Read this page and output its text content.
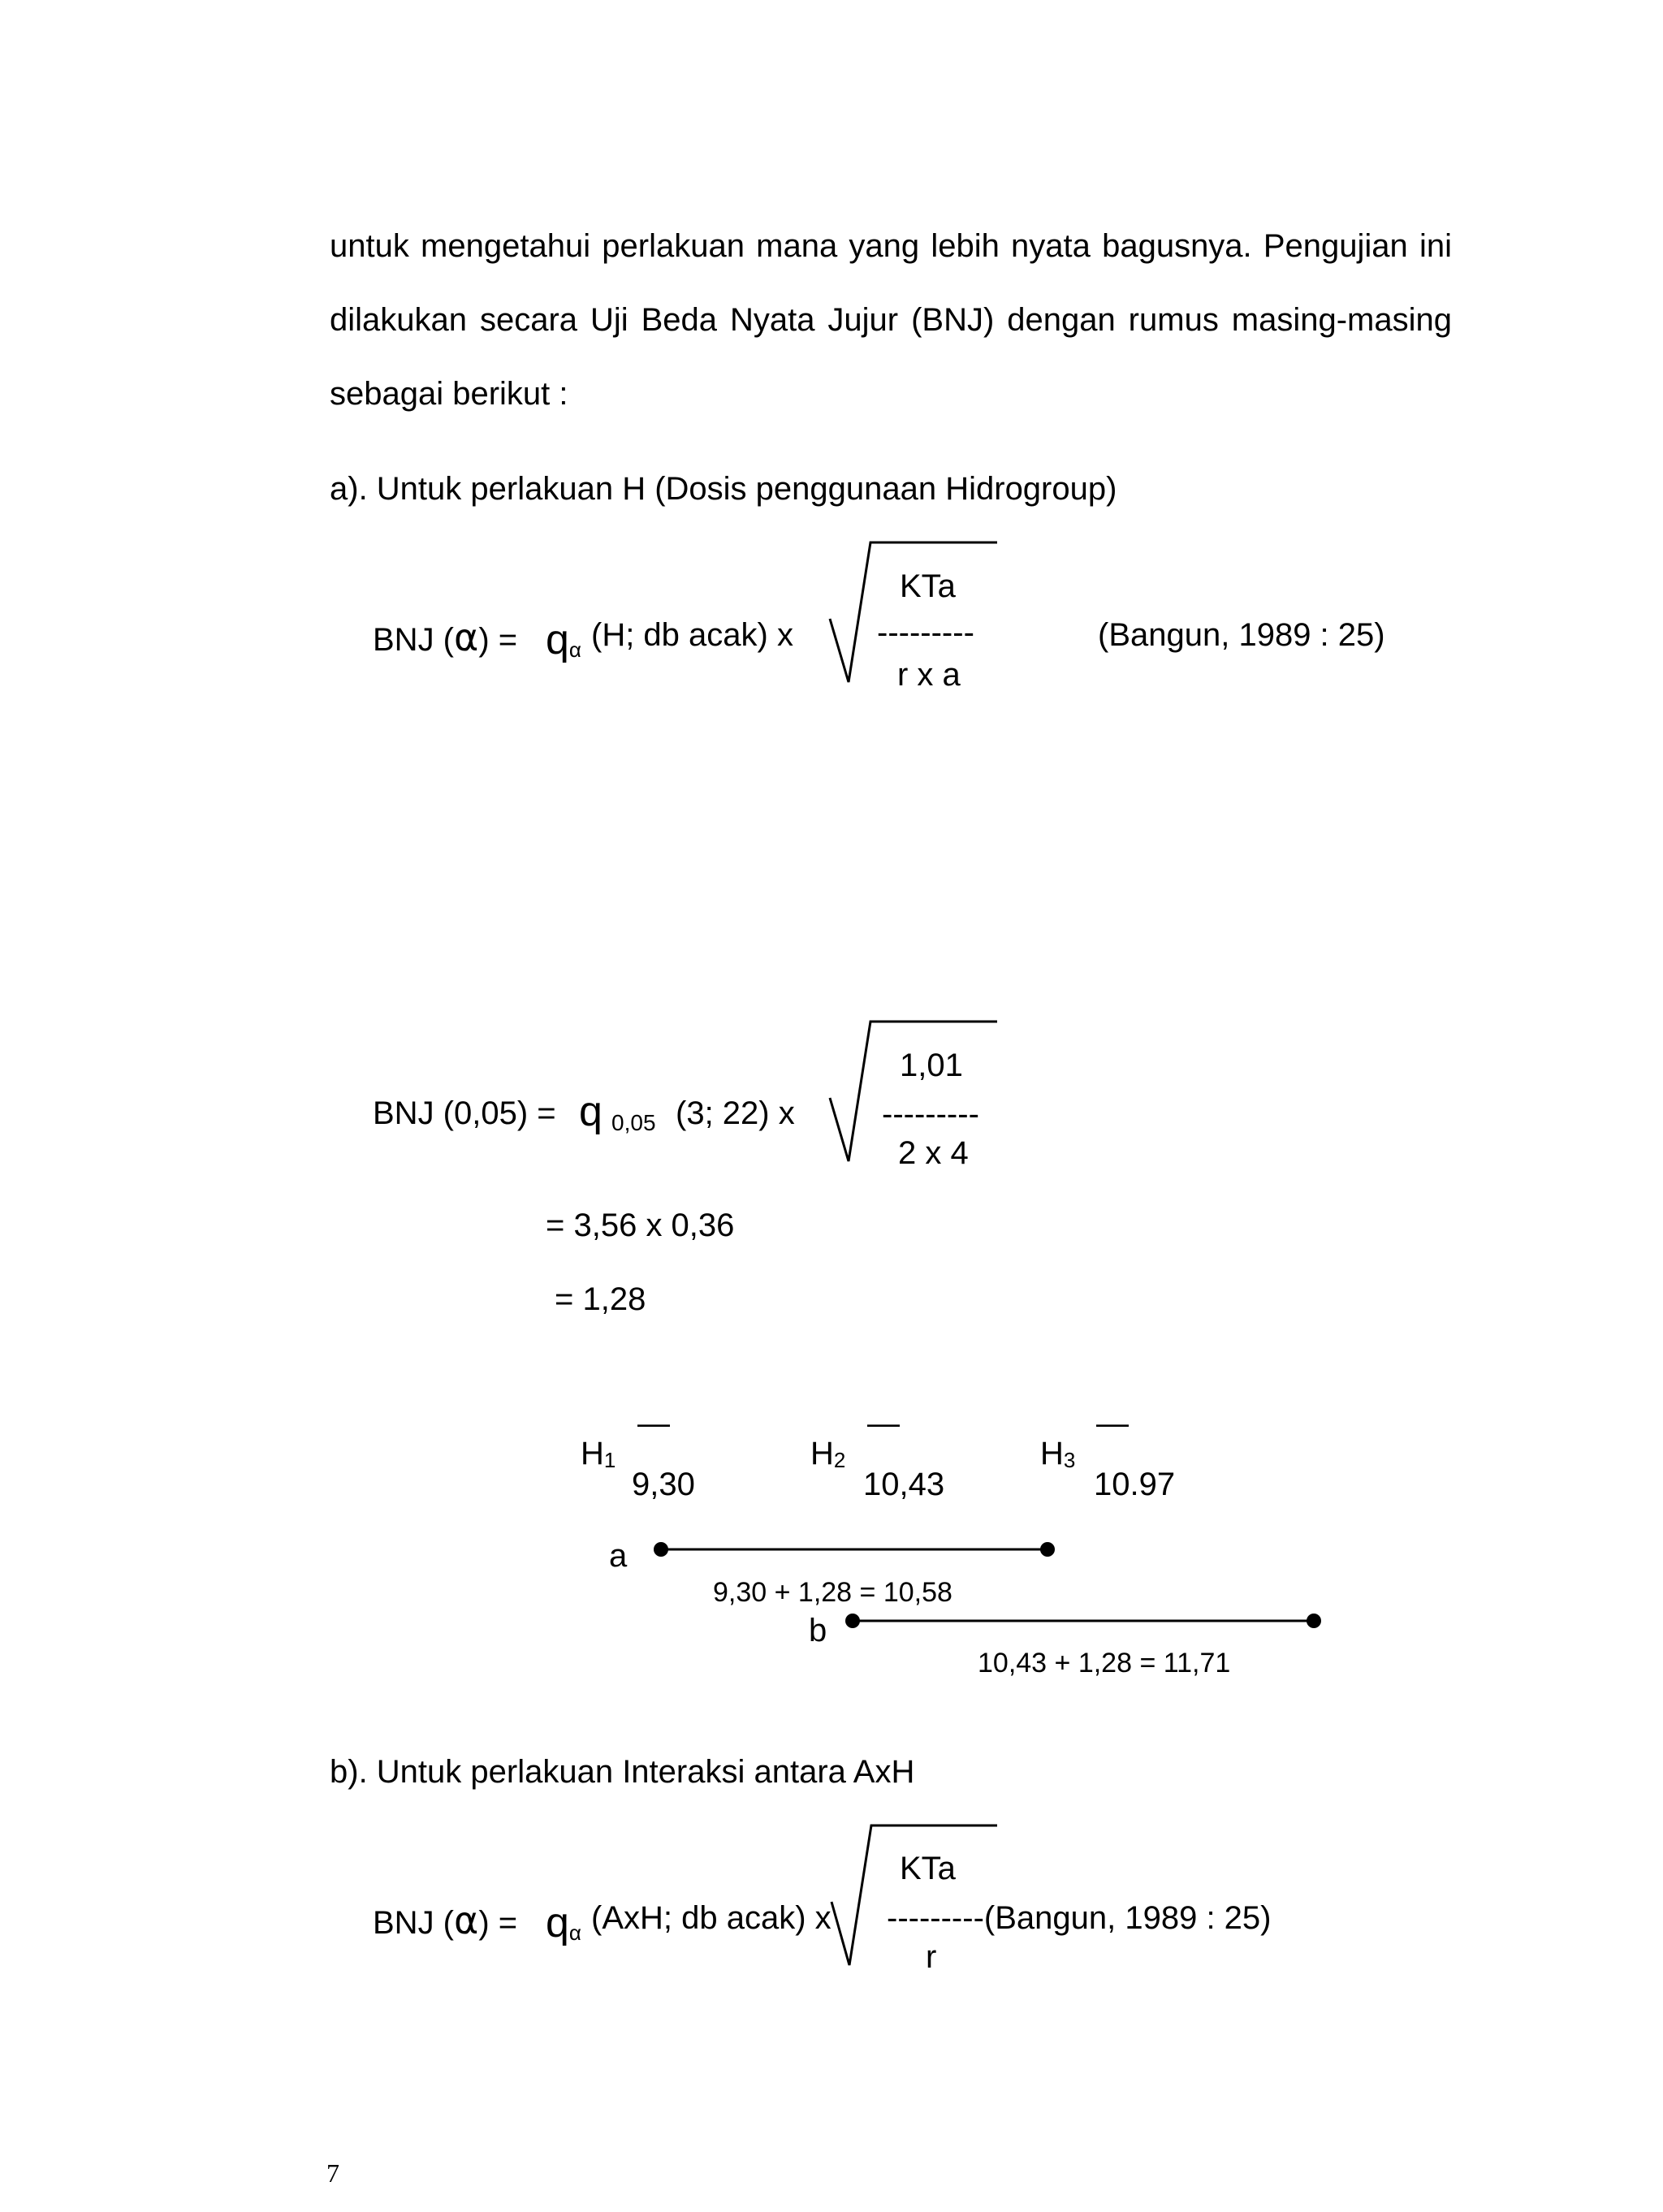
untuk mengetahui perlakuan mana yang lebih nyata bagusnya. Pengujian ini
dilakukan secara Uji Beda Nyata Jujur (BNJ) dengan rumus masing-masing
sebagai berikut :
a). Untuk perlakuan H (Dosis penggunaan Hidrogroup)
BNJ (α) = qα (H; db acak) x
KTa
---------
r x a
(Bangun, 1989 : 25)
BNJ (0,05) = q 0,05 (3; 22) x
1,01
---------
2 x 4
= 3,56 x 0,36
= 1,28
—
H1
9,30
—
H2
10,43
—
H3
10.97
a
9,30 + 1,28 = 10,58
b
10,43 + 1,28 = 11,71
b). Untuk perlakuan Interaksi antara AxH
BNJ (α) = qα (AxH; db acak) x
KTa
---------(Bangun, 1989 : 25)
r
7
